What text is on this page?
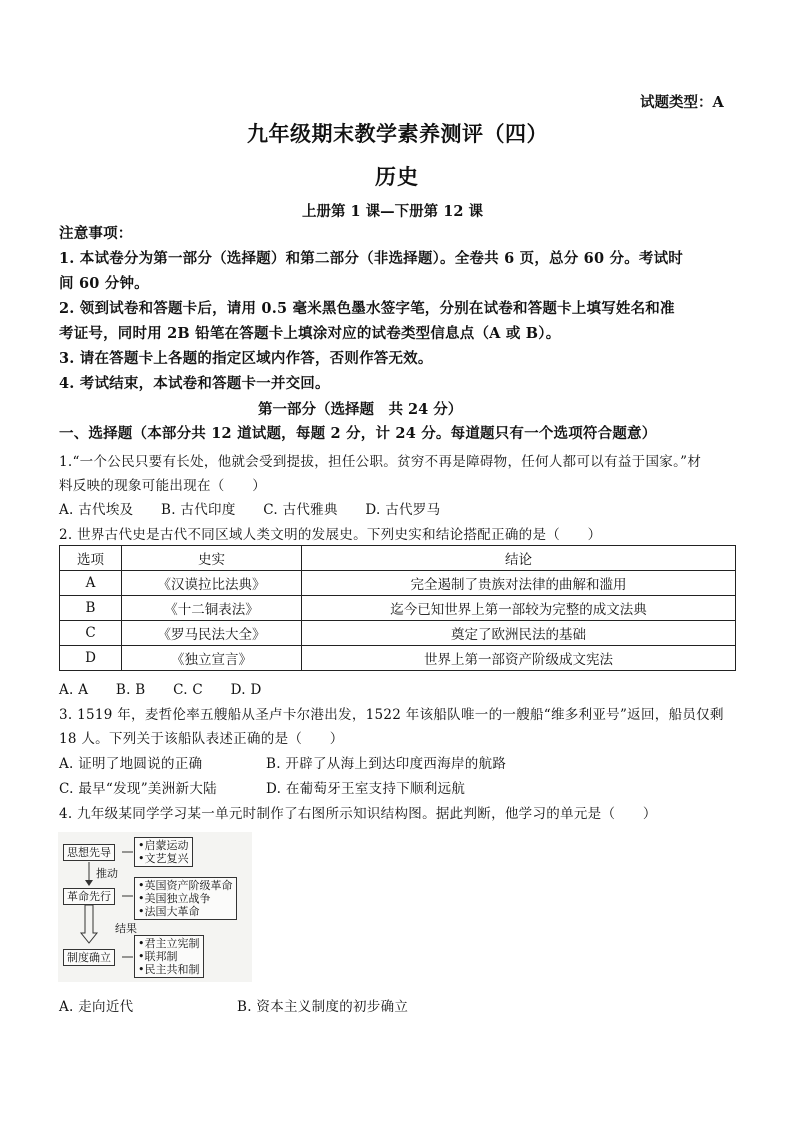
试题类型：A
九年级期末教学素养测评（四）
历史
上册第 1 课—下册第 12 课
注意事项：
1. 本试卷分为第一部分（选择题）和第二部分（非选择题）。全卷共 6 页，总分 60 分。考试时
间 60 分钟。
2. 领到试卷和答题卡后，请用 0.5 毫米黑色墨水签字笔，分别在试卷和答题卡上填写姓名和准
考证号，同时用 2B 铅笔在答题卡上填涂对应的试卷类型信息点（A 或 B）。
3. 请在答题卡上各题的指定区域内作答，否则作答无效。
4. 考试结束，本试卷和答题卡一并交回。
第一部分（选择题　共 24 分）
一、选择题（本部分共 12 道试题，每题 2 分，计 24 分。每道题只有一个选项符合题意）
1.“一个公民只要有长处，他就会受到提拔，担任公职。贫穷不再是障碍物，任何人都可以有益于国家。”材
料反映的现象可能出现在（　　）
A. 古代埃及　　B. 古代印度　　C. 古代雅典　　D. 古代罗马
2. 世界古代史是古代不同区域人类文明的发展史。下列史实和结论搭配正确的是（　　）
选项	史实	结论
A	《汉谟拉比法典》	完全遏制了贵族对法律的曲解和滥用
B	《十二铜表法》	迄今已知世界上第一部较为完整的成文法典
C	《罗马民法大全》	奠定了欧洲民法的基础
D	《独立宣言》	世界上第一部资产阶级成文宪法
A. A　　B. B　　C. C　　D. D
3. 1519 年，麦哲伦率五艘船从圣卢卡尔港出发，1522 年该船队唯一的一艘船“维多利亚号”返回，船员仅剩
18 人。下列关于该船队表述正确的是（　　）
A. 证明了地圆说的正确	B. 开辟了从海上到达印度西海岸的航路
C. 最早“发现”美洲新大陆	D. 在葡萄牙王室支持下顺利远航
4. 九年级某同学学习某一单元时制作了右图所示知识结构图。据此判断，他学习的单元是（　　）
思想先导
革命先行
制度确立
推动
结果
•启蒙运动
•文艺复兴
•英国资产阶级革命
•美国独立战争
•法国大革命
•君主立宪制
•联邦制
•民主共和制
A. 走向近代	B. 资本主义制度的初步确立
